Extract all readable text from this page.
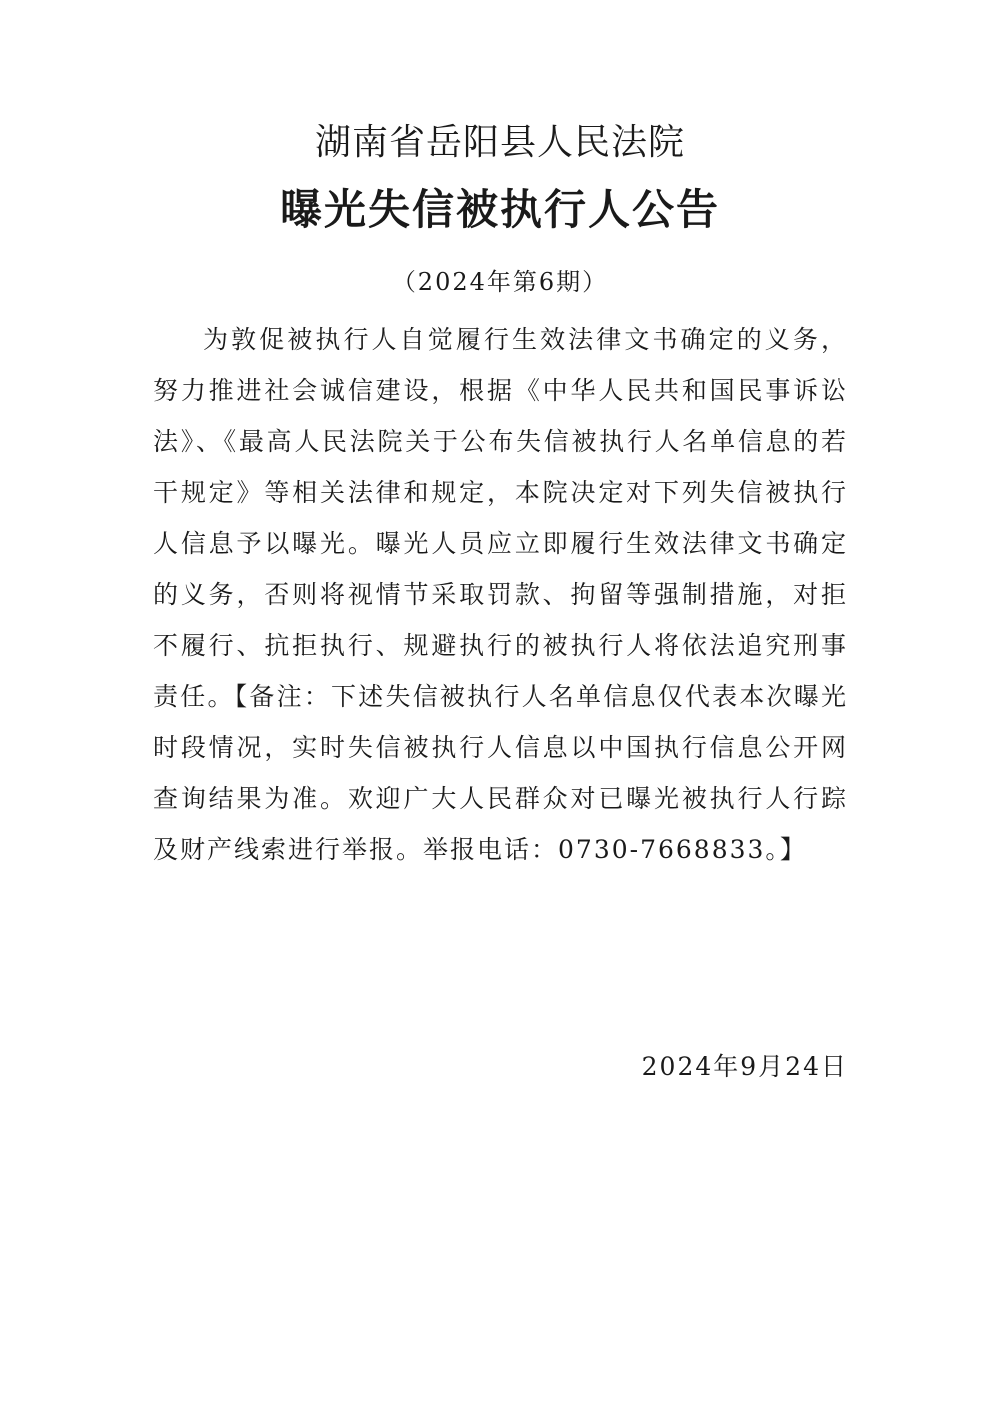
湖南省岳阳县人民法院
曝光失信被执行人公告
（2024年第6期）

为敦促被执行人自觉履行生效法律文书确定的义务，努力推进社会诚信建设，根据《中华人民共和国民事诉讼法》、《最高人民法院关于公布失信被执行人名单信息的若干规定》等相关法律和规定，本院决定对下列失信被执行人信息予以曝光。曝光人员应立即履行生效法律文书确定的义务，否则将视情节采取罚款、拘留等强制措施，对拒不履行、抗拒执行、规避执行的被执行人将依法追究刑事责任。【备注：下述失信被执行人名单信息仅代表本次曝光时段情况，实时失信被执行人信息以中国执行信息公开网查询结果为准。欢迎广大人民群众对已曝光被执行人行踪及财产线索进行举报。举报电话：0730-7668833。】

2024年9月24日
